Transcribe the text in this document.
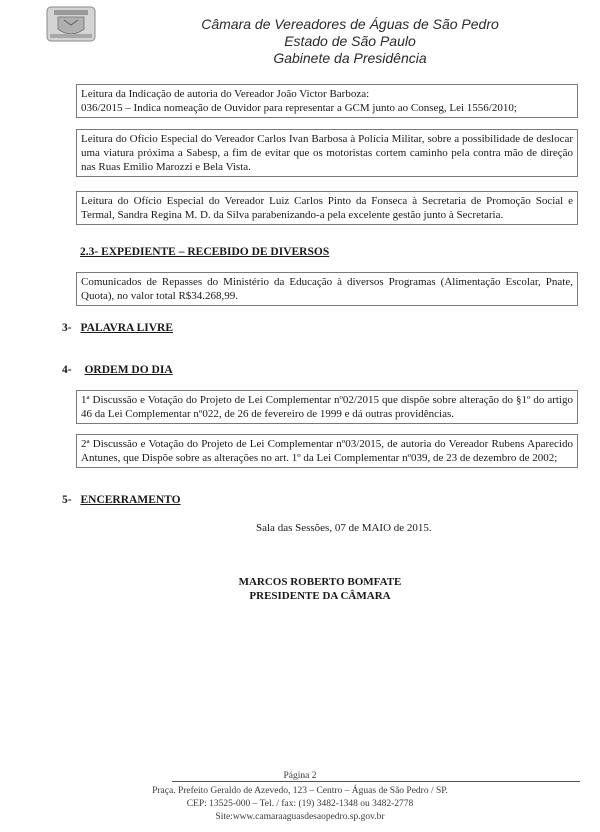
Câmara de Vereadores de Águas de São Pedro
Estado de São Paulo
Gabinete da Presidência

Leitura da Indicação de autoria do Vereador João Victor Barboza:

036/2015 – Indica nomeação de Ouvidor para representar a GCM junto ao Conseg, Lei 1556/2010;

Leitura do Ofício Especial do Vereador Carlos Ivan Barbosa à Polícia Militar, sobre a possibilidade de deslocar uma viatura próxima a Sabesp, a fim de evitar que os motoristas cortem caminho pela contra mão de direção nas Ruas Emilio Marozzi e Bela Vista.

Leitura do Ofício Especial do Vereador Luiz Carlos Pinto da Fonseca à Secretaria de Promoção Social e Termal, Sandra Regina M. D. da Silva parabenizando-a pela excelente gestão junto à Secretaria.

2.3- EXPEDIENTE – RECEBIDO DE DIVERSOS

Comunicados de Repasses do Ministério da Educação à diversos Programas (Alimentação Escolar, Pnate, Quota), no valor total R$34.268,99.

3- PALAVRA LIVRE
4- ORDEM DO DIA

1ª Discussão e Votação do Projeto de Lei Complementar nº02/2015 que dispõe sobre alteração do §1º do artigo 46 da Lei Complementar nº022, de 26 de fevereiro de 1999 e dá outras providências.

2ª Discussão e Votação do Projeto de Lei Complementar nº03/2015, de autoria do Vereador Rubens Aparecido Antunes, que Dispõe sobre as alterações no art. 1º da Lei Complementar nº039, de 23 de dezembro de 2002;

5- ENCERRAMENTO
Sala das Sessões, 07 de MAIO de 2015.
MARCOS ROBERTO BOMFATE
PRESIDENTE DA CÂMARA
Página 2
Praça. Prefeito Geraldo de Azevedo, 123 – Centro – Águas de São Pedro / SP.
CEP: 13525-000 – Tel. / fax: (19) 3482-1348 ou 3482-2778
Site:www.camaraaguasdesaopedro.sp.gov.br
